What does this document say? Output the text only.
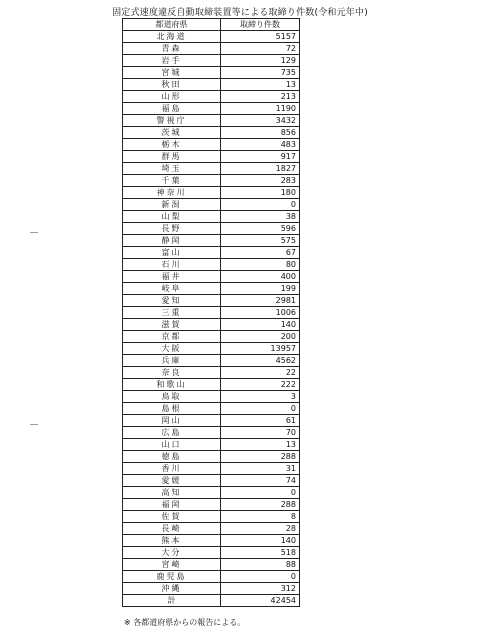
固定式速度違反自動取締装置等による取締り件数(令和元年中)
都道府県	取締り件数
北海道	5157
青森	72
岩手	129
宮城	735
秋田	13
山形	213
福島	1190
警視庁	3432
茨城	856
栃木	483
群馬	917
埼玉	1827
千葉	283
神奈川	180
新潟	0
山梨	38
長野	596
静岡	575
富山	67
石川	80
福井	400
岐阜	199
愛知	2981
三重	1006
滋賀	140
京都	200
大阪	13957
兵庫	4562
奈良	22
和歌山	222
鳥取	3
島根	0
岡山	61
広島	70
山口	13
徳島	288
香川	31
愛媛	74
高知	0
福岡	288
佐賀	8
長崎	28
熊本	140
大分	518
宮崎	88
鹿児島	0
沖縄	312
計	42454
※ 各都道府県からの報告による。
